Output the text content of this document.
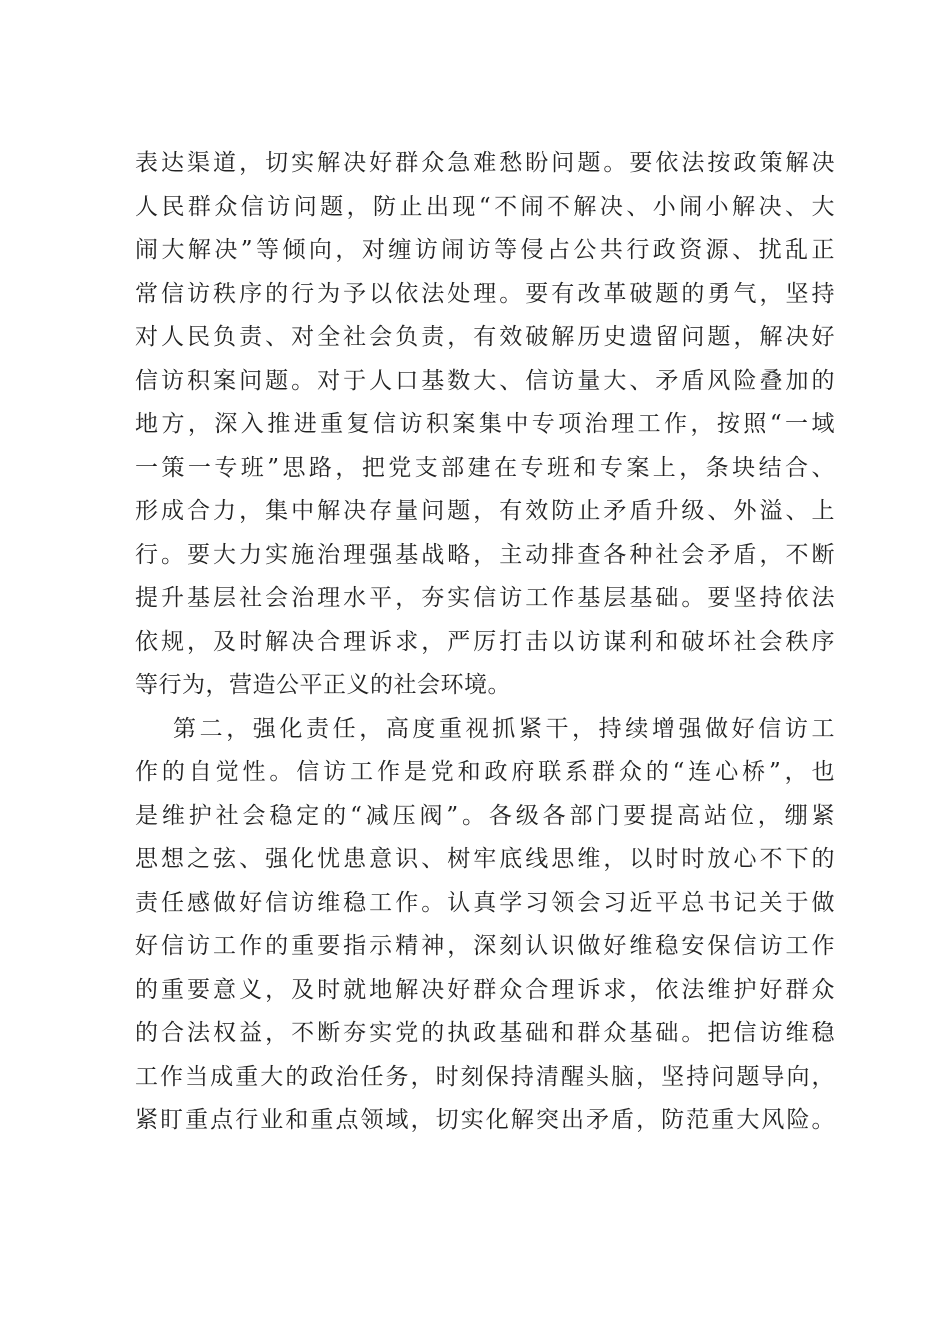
表达渠道，切实解决好群众急难愁盼问题。要依法按政策解决
人民群众信访问题，防止出现“不闹不解决、小闹小解决、大
闹大解决”等倾向，对缠访闹访等侵占公共行政资源、扰乱正
常信访秩序的行为予以依法处理。要有改革破题的勇气，坚持
对人民负责、对全社会负责，有效破解历史遗留问题，解决好
信访积案问题。对于人口基数大、信访量大、矛盾风险叠加的
地方，深入推进重复信访积案集中专项治理工作，按照“一域
一策一专班”思路，把党支部建在专班和专案上，条块结合、
形成合力，集中解决存量问题，有效防止矛盾升级、外溢、上
行。要大力实施治理强基战略，主动排查各种社会矛盾，不断
提升基层社会治理水平，夯实信访工作基层基础。要坚持依法
依规，及时解决合理诉求，严厉打击以访谋利和破坏社会秩序
等行为，营造公平正义的社会环境。
第二，强化责任，高度重视抓紧干，持续增强做好信访工
作的自觉性。信访工作是党和政府联系群众的“连心桥”，也
是维护社会稳定的“减压阀”。各级各部门要提高站位，绷紧
思想之弦、强化忧患意识、树牢底线思维，以时时放心不下的
责任感做好信访维稳工作。认真学习领会习近平总书记关于做
好信访工作的重要指示精神，深刻认识做好维稳安保信访工作
的重要意义，及时就地解决好群众合理诉求，依法维护好群众
的合法权益，不断夯实党的执政基础和群众基础。把信访维稳
工作当成重大的政治任务，时刻保持清醒头脑，坚持问题导向，
紧盯重点行业和重点领域，切实化解突出矛盾，防范重大风险。
